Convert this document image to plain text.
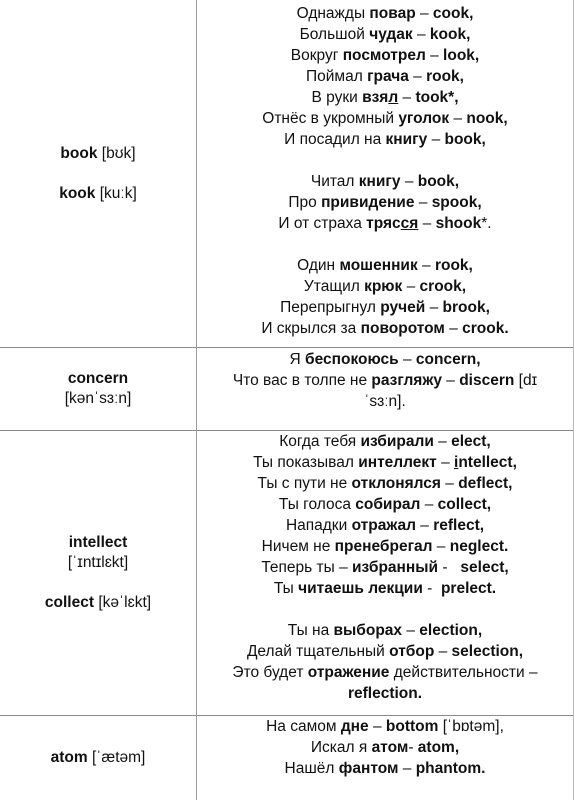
book [bʊk]
kook [kuːk]
Однажды повар – cook,
Большой чудак – kook,
Вокруг посмотрел – look,
Поймал грача – rook,
В руки взял – took*,
Отнёс в укромный уголок – nook,
И посадил на книгу – book,
Читал книгу – book,
Про привидение – spook,
И от страха трясся – shook*.
Один мошенник – rook,
Утащил крюк – crook,
Перепрыгнул ручей – brook,
И скрылся за поворотом – crook.
concern
[kənˈsɜːn]
Я беспокоюсь – concern,
Что вас в толпе не разгляжу – discern [dɪ
ˈsɜːn].
intellect
[ˈɪntɪlɛkt]
collect [kəˈlɛkt]
Когда тебя избирали – elect,
Ты показывал интеллект – intellect,
Ты с пути не отклонялся – deflect,
Ты голоса собирал – collect,
Нападки отражал – reflect,
Ничем не пренебрегал – neglect.
Теперь ты – избранный -   select,
Ты читаешь лекции -  prelect.
Ты на выборах – election,
Делай тщательный отбор – selection,
Это будет отражение действительности –
reflection.
atom [ˈætəm]
На самом дне – bottom [ˈbɒtəm],
Искал я атом- atom,
Нашёл фантом – phantom.
